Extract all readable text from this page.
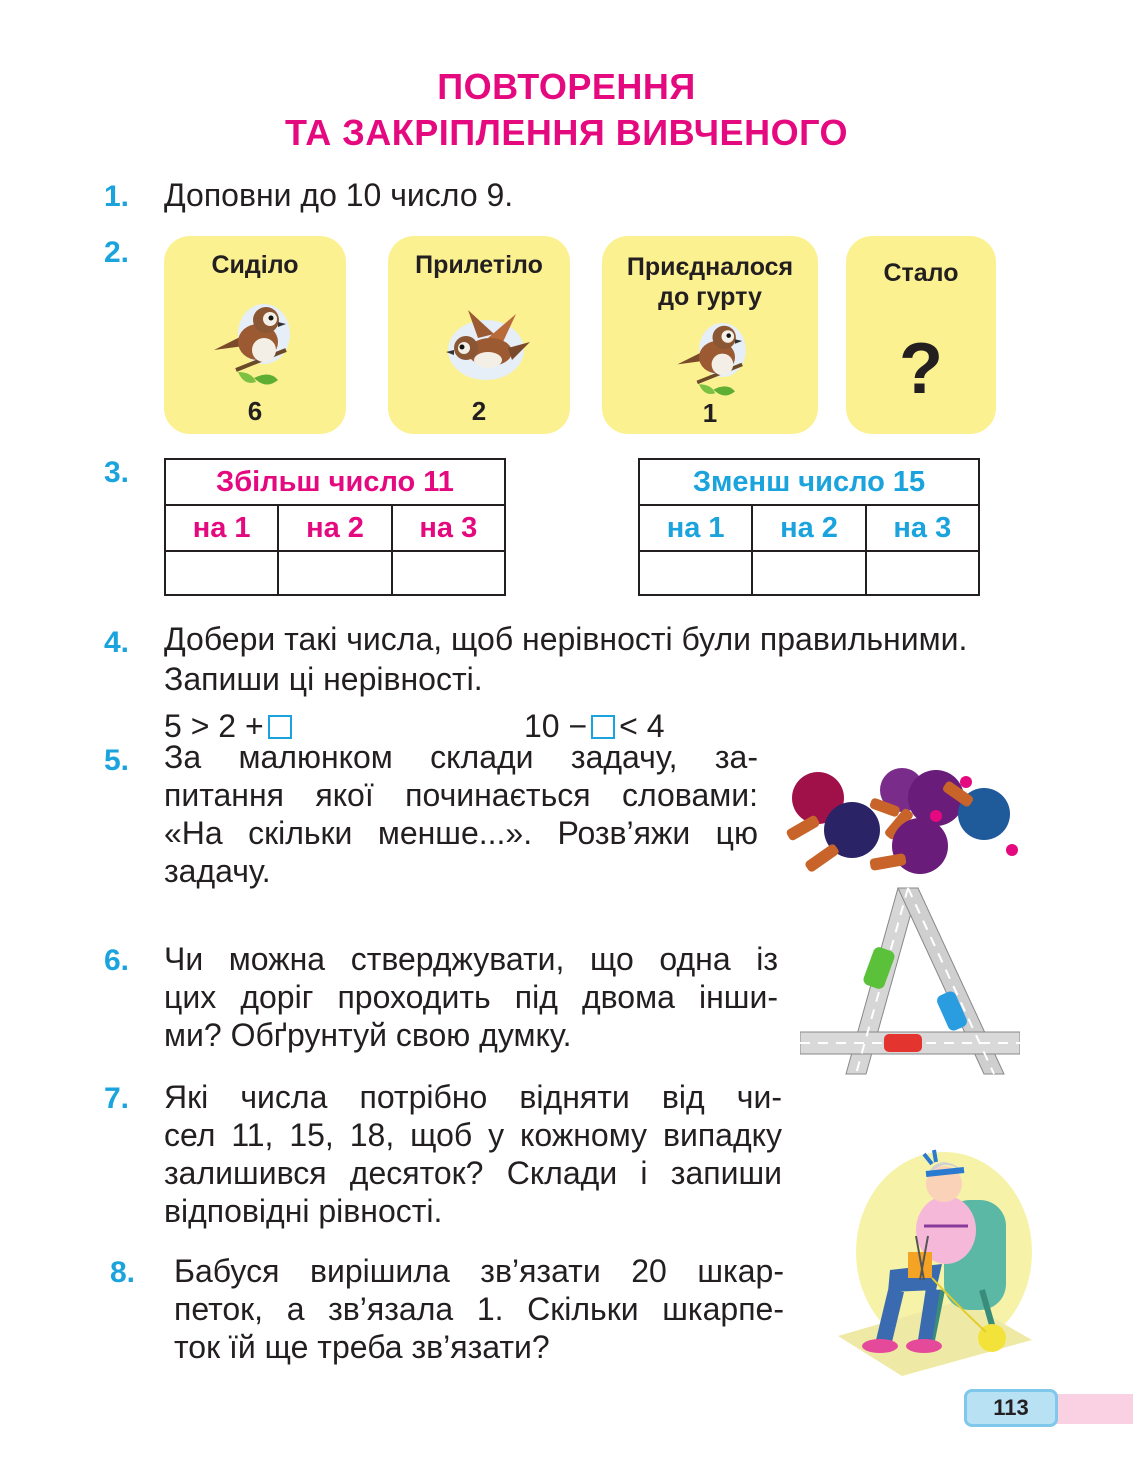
ПОВТОРЕННЯ
ТА ЗАКРІПЛЕННЯ ВИВЧЕНОГО
1. Доповни до 10 число 9.
2.	Сиділо
6
Прилетіло
2
Приєдналося
до гурту
1
Стало
?
3.	Збільш число 11		
на 1	на 2	на 3

Зменш число 15		
на 1	на 2	на 3

4. Добери такі числа, щоб нерівності були правильними.
Запиши ці нерівності.
5 > 2 +	10 − < 4
5. За малюнком склади задачу, за-
питання якої починається словами:
«На скільки менше...». Розв’яжи цю
задачу.
6. Чи можна стверджувати, що одна із
цих доріг проходить під двома інши-
ми? Обґрунтуй свою думку.
7. Які числа потрібно відняти від чи-
сел 11, 15, 18, щоб у кожному випадку
залишився десяток? Склади і запиши
відповідні рівності.
8. Бабуся вирішила зв’язати 20 шкар-
петок, а зв’язала 1. Скільки шкарпе-
ток їй ще треба зв’язати?
113
